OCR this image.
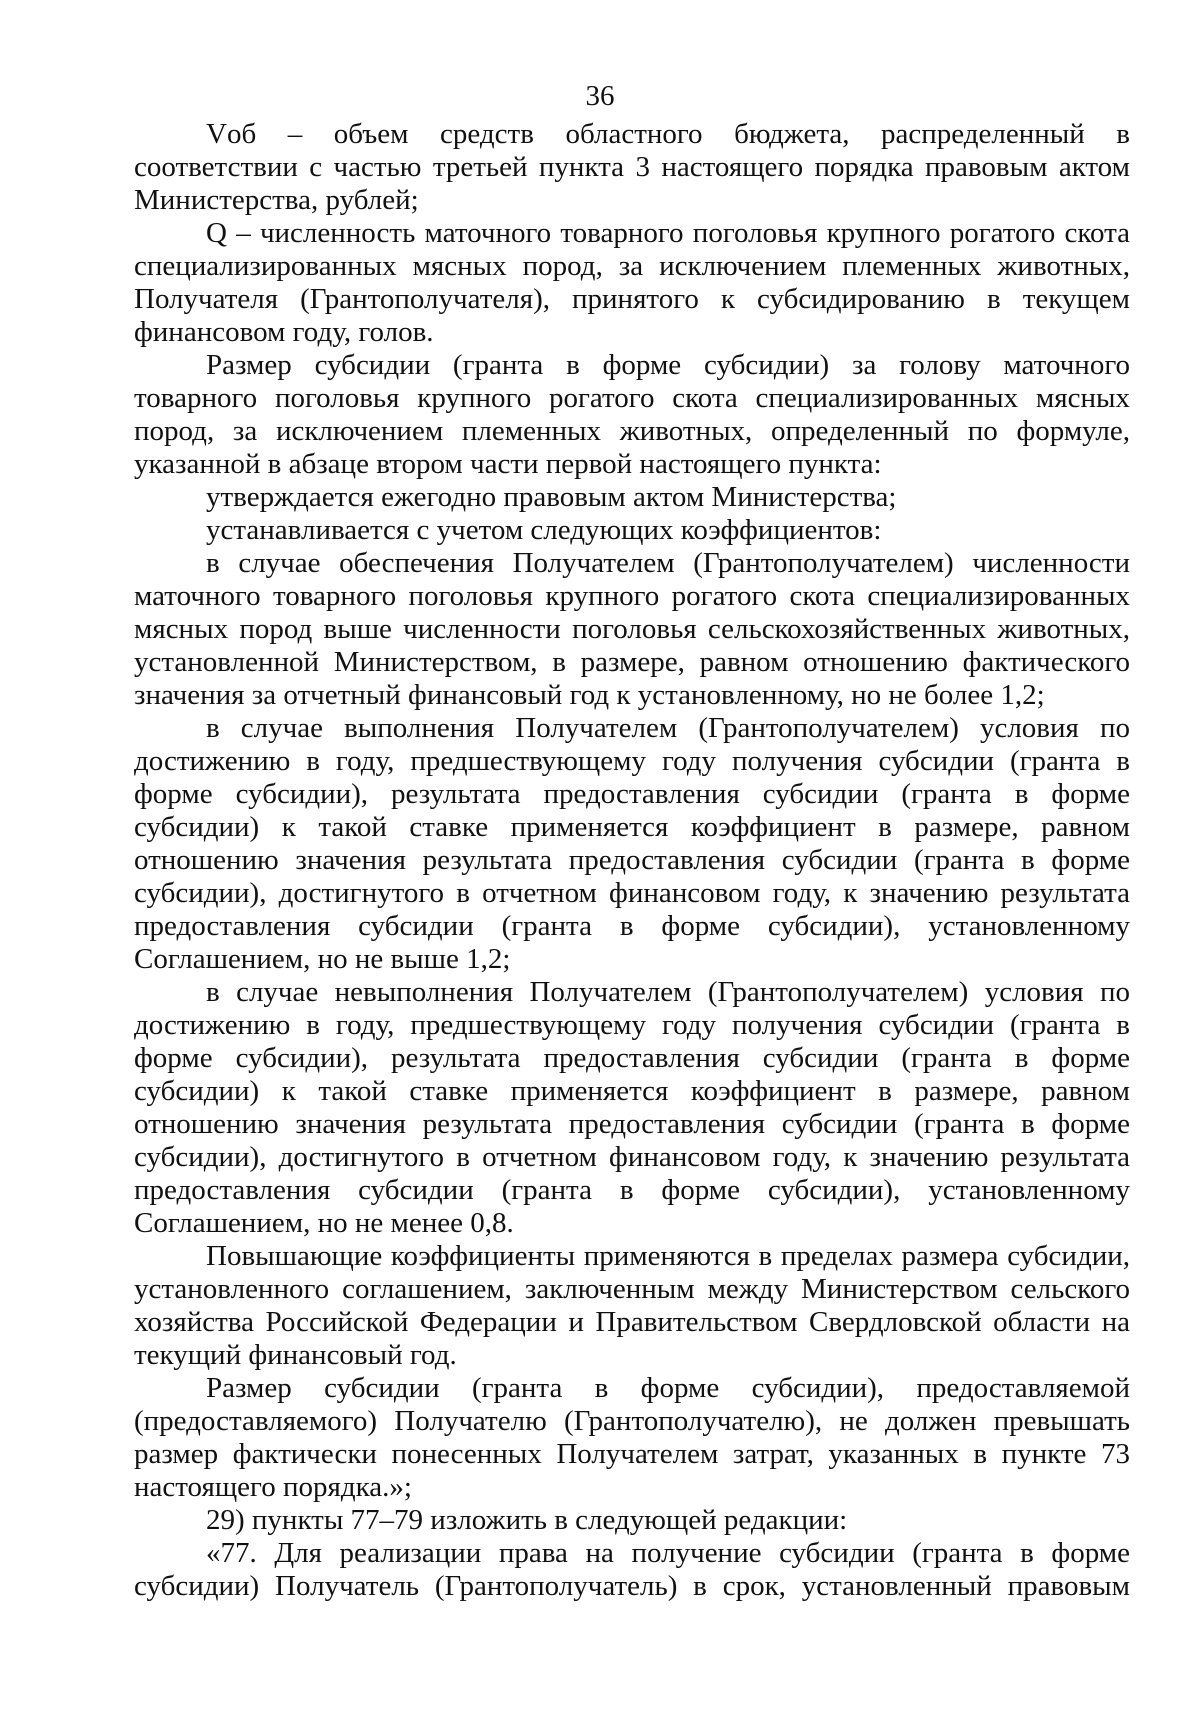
36

Vоб – объем средств областного бюджета, распределенный в соответствии с частью третьей пункта 3 настоящего порядка правовым актом Министерства, рублей;

Q – численность маточного товарного поголовья крупного рогатого скота специализированных мясных пород, за исключением племенных животных, Получателя (Грантополучателя), принятого к субсидированию в текущем финансовом году, голов.

Размер субсидии (гранта в форме субсидии) за голову маточного товарного поголовья крупного рогатого скота специализированных мясных пород, за исключением племенных животных, определенный по формуле, указанной в абзаце втором части первой настоящего пункта:

утверждается ежегодно правовым актом Министерства;

устанавливается с учетом следующих коэффициентов:

в случае обеспечения Получателем (Грантополучателем) численности маточного товарного поголовья крупного рогатого скота специализированных мясных пород выше численности поголовья сельскохозяйственных животных, установленной Министерством, в размере, равном отношению фактического значения за отчетный финансовый год к установленному, но не более 1,2;

в случае выполнения Получателем (Грантополучателем) условия по достижению в году, предшествующему году получения субсидии (гранта в форме субсидии), результата предоставления субсидии (гранта в форме субсидии) к такой ставке применяется коэффициент в размере, равном отношению значения результата предоставления субсидии (гранта в форме субсидии), достигнутого в отчетном финансовом году, к значению результата предоставления субсидии (гранта в форме субсидии), установленному Соглашением, но не выше 1,2;

в случае невыполнения Получателем (Грантополучателем) условия по достижению в году, предшествующему году получения субсидии (гранта в форме субсидии), результата предоставления субсидии (гранта в форме субсидии) к такой ставке применяется коэффициент в размере, равном отношению значения результата предоставления субсидии (гранта в форме субсидии), достигнутого в отчетном финансовом году, к значению результата предоставления субсидии (гранта в форме субсидии), установленному Соглашением, но не менее 0,8.

Повышающие коэффициенты применяются в пределах размера субсидии, установленного соглашением, заключенным между Министерством сельского хозяйства Российской Федерации и Правительством Свердловской области на текущий финансовый год.

Размер субсидии (гранта в форме субсидии), предоставляемой (предоставляемого) Получателю (Грантополучателю), не должен превышать размер фактически понесенных Получателем затрат, указанных в пункте 73 настоящего порядка.»;

29) пункты 77–79 изложить в следующей редакции:

«77. Для реализации права на получение субсидии (гранта в форме субсидии) Получатель (Грантополучатель) в срок, установленный правовым
